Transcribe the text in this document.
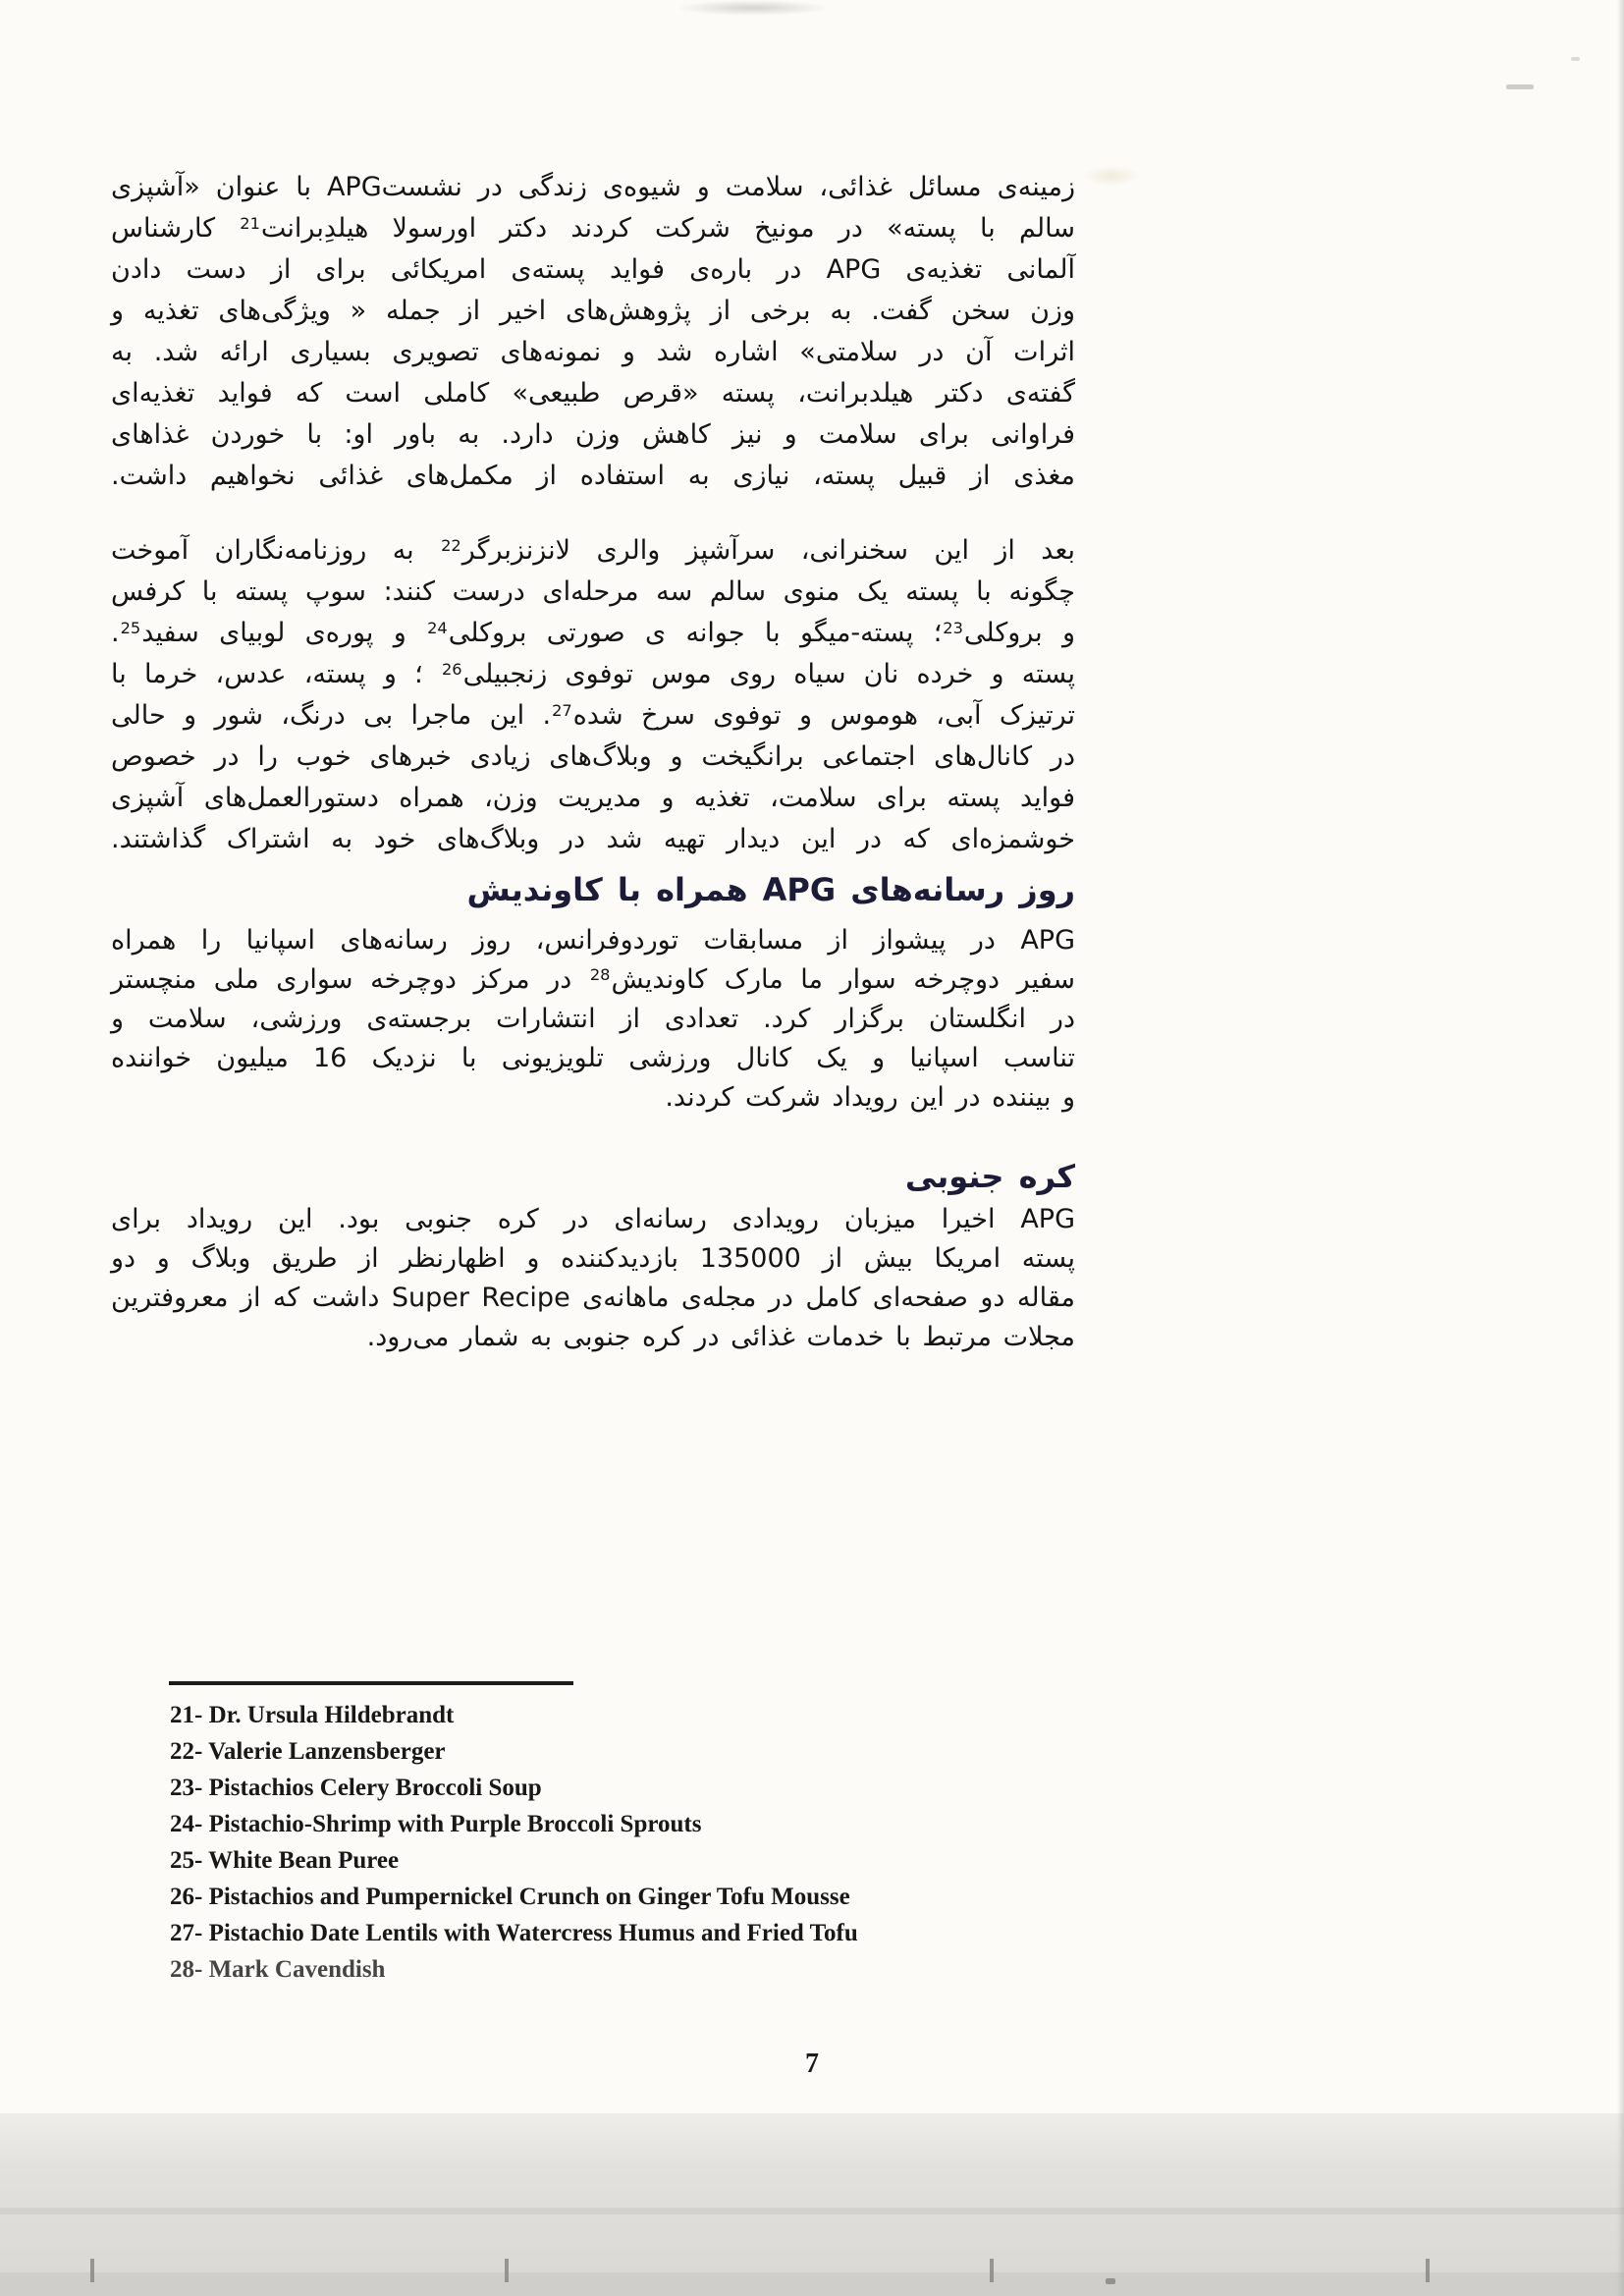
زمینه‌ی مسائل غذائی، سلامت و شیوه‌ی زندگی در نشستAPG با عنوان «آشپزی
سالم با پسته» در مونیخ شرکت کردند دکتر اورسولا هیلدِبرانت$^{21}$ کارشناس
آلمانی تغذیه‌ی APG در باره‌ی فواید پسته‌ی امریکائی برای از دست دادن
وزن سخن گفت. به برخی از پژوهش‌های اخیر از جمله « ویژگی‌های تغذیه و
اثرات آن در سلامتی» اشاره شد و نمونه‌های تصویری بسیاری ارائه شد. به
گفته‌ی دکتر هیلدبرانت، پسته «قرص طبیعی» کاملی است که فواید تغذیه‌ای
فراوانی برای سلامت و نیز کاهش وزن دارد. به باور او: با خوردن غذاهای
مغذی از قبیل پسته، نیازی به استفاده از مکمل‌های غذائی نخواهیم داشت.

بعد از این سخنرانی، سرآشپز والری لانزنزبرگر$^{22}$ به روزنامه‌نگاران آموخت
چگونه با پسته یک منوی سالم سه مرحله‌ای درست کنند: سوپ پسته با کرفس
و بروکلی$^{23}$؛ پسته-میگو با جوانه ی صورتی بروکلی$^{24}$ و پوره‌ی لوبیای سفید$^{25}$.
پسته و خرده نان سیاه روی موس توفوی زنجبیلی$^{26}$ ؛ و پسته، عدس، خرما با
ترتیزک آبی، هوموس و توفوی سرخ شده$^{27}$. این ماجرا بی درنگ، شور و حالی
در کانال‌های اجتماعی برانگیخت و وبلاگ‌های زیادی خبرهای خوب را در خصوص
فواید پسته برای سلامت، تغذیه و مدیریت وزن، همراه دستورالعمل‌های آشپزی
خوشمزه‌ای که در این دیدار تهیه شد در وبلاگ‌های خود به اشتراک گذاشتند.

روز رسانه‌های APG همراه با کاوندیش

APG در پیشواز از مسابقات توردوفرانس، روز رسانه‌های اسپانیا را همراه
سفیر دوچرخه سوار ما مارک کاوندیش$^{28}$ در مرکز دوچرخه سواری ملی منچستر
در انگلستان برگزار کرد. تعدادی از انتشارات برجسته‌ی ورزشی، سلامت و
تناسب اسپانیا و یک کانال ورزشی تلویزیونی با نزدیک 16 میلیون خواننده
و بیننده در این رویداد شرکت کردند.

کره جنوبی

APG اخیرا میزبان رویدادی رسانه‌ای در کره جنوبی بود. این رویداد برای
پسته امریکا بیش از 135000 بازدیدکننده و اظهارنظر از طریق وبلاگ و دو
مقاله دو صفحه‌ای کامل در مجله‌ی ماهانه‌ی Super Recipe داشت که از معروفترین
مجلات مرتبط با خدمات غذائی در کره جنوبی به شمار می‌رود.

21- Dr. Ursula Hildebrandt
22- Valerie Lanzensberger
23- Pistachios Celery Broccoli Soup
24- Pistachio-Shrimp with Purple Broccoli Sprouts
25- White Bean Puree
26- Pistachios and Pumpernickel Crunch on Ginger Tofu Mousse
27- Pistachio Date Lentils with Watercress Humus and Fried Tofu
28- Mark Cavendish
7
